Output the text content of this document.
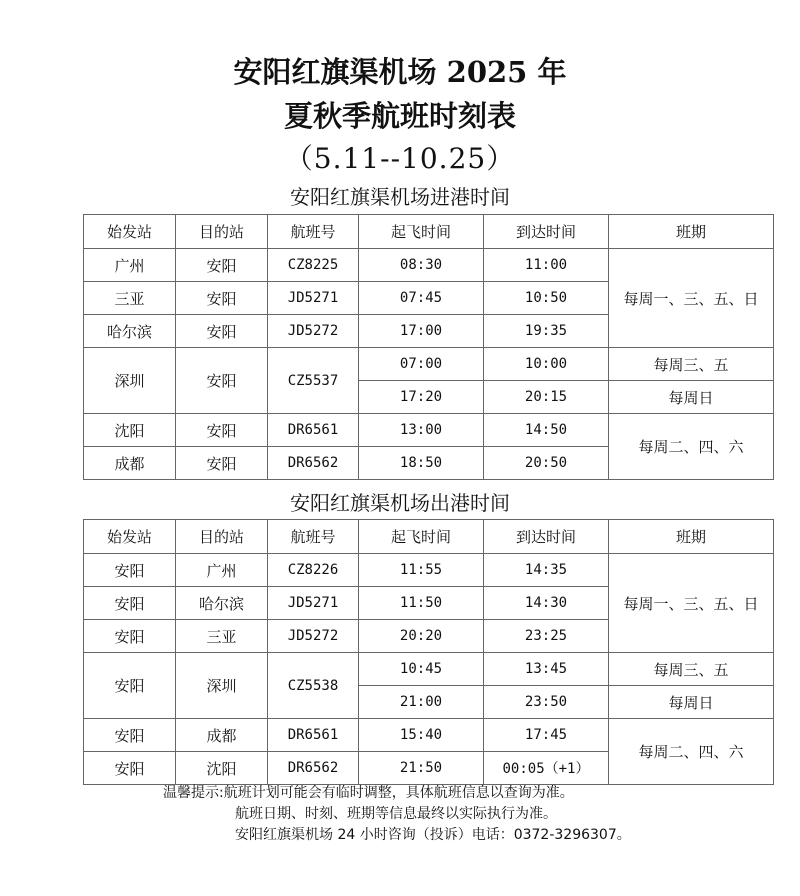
安阳红旗渠机场 2025 年
夏秋季航班时刻表
（5.11--10.25）
安阳红旗渠机场进港时间
始发站	目的站	航班号	起飞时间	到达时间	班期
广州	安阳	CZ8225	08:30	11:00	每周一、三、五、日
三亚	安阳	JD5271	07:45	10:50	
哈尔滨	安阳	JD5272	17:00	19:35	
深圳	安阳	CZ5537	07:00	10:00	每周三、五
			17:20	20:15	每周日
沈阳	安阳	DR6561	13:00	14:50	每周二、四、六
成都	安阳	DR6562	18:50	20:50	
安阳红旗渠机场出港时间
始发站	目的站	航班号	起飞时间	到达时间	班期
安阳	广州	CZ8226	11:55	14:35	每周一、三、五、日
安阳	哈尔滨	JD5271	11:50	14:30	
安阳	三亚	JD5272	20:20	23:25	
安阳	深圳	CZ5538	10:45	13:45	每周三、五
			21:00	23:50	每周日
安阳	成都	DR6561	15:40	17:45	每周二、四、六
安阳	沈阳	DR6562	21:50	00:05（+1）	
温馨提示:航班计划可能会有临时调整，具体航班信息以查询为准。
航班日期、时刻、班期等信息最终以实际执行为准。
安阳红旗渠机场 24 小时咨询（投诉）电话：0372-3296307。
